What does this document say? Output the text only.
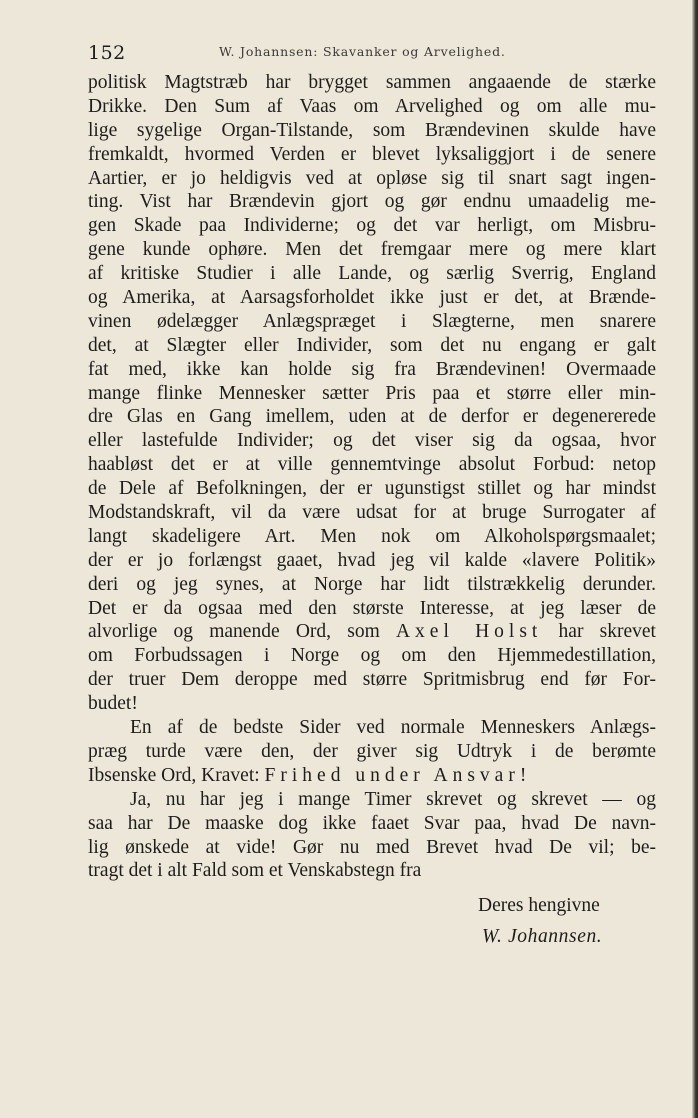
152	W. Johannsen: Skavanker og Arvelighed.
politisk Magtstræb har brygget sammen angaaende de stærke
Drikke. Den Sum af Vaas om Arvelighed og om alle mu-
lige sygelige Organ-Tilstande, som Brændevinen skulde have
fremkaldt, hvormed Verden er blevet lyksaliggjort i de senere
Aartier, er jo heldigvis ved at opløse sig til snart sagt ingen-
ting. Vist har Brændevin gjort og gør endnu umaadelig me-
gen Skade paa Individerne; og det var herligt, om Misbru-
gene kunde ophøre. Men det fremgaar mere og mere klart
af kritiske Studier i alle Lande, og særlig Sverrig, England
og Amerika, at Aarsagsforholdet ikke just er det, at Brænde-
vinen ødelægger Anlægspræget i Slægterne, men snarere
det, at Slægter eller Individer, som det nu engang er galt
fat med, ikke kan holde sig fra Brændevinen! Overmaade
mange flinke Mennesker sætter Pris paa et større eller min-
dre Glas en Gang imellem, uden at de derfor er degenererede
eller lastefulde Individer; og det viser sig da ogsaa, hvor
haabløst det er at ville gennemtvinge absolut Forbud: netop
de Dele af Befolkningen, der er ugunstigst stillet og har mindst
Modstandskraft, vil da være udsat for at bruge Surrogater af
langt skadeligere Art. Men nok om Alkoholspørgsmaalet;
der er jo forlængst gaaet, hvad jeg vil kalde «lavere Politik»
deri og jeg synes, at Norge har lidt tilstrækkelig derunder.
Det er da ogsaa med den største Interesse, at jeg læser de
alvorlige og manende Ord, som Axel Holst har skrevet
om Forbudssagen i Norge og om den Hjemmedestillation,
der truer Dem deroppe med større Spritmisbrug end før For-
budet!
En af de bedste Sider ved normale Menneskers Anlægs-
præg turde være den, der giver sig Udtryk i de berømte
Ibsenske Ord, Kravet: Frihed under Ansvar!
Ja, nu har jeg i mange Timer skrevet og skrevet — og
saa har De maaske dog ikke faaet Svar paa, hvad De navn-
lig ønskede at vide! Gør nu med Brevet hvad De vil; be-
tragt det i alt Fald som et Venskabstegn fra
Deres hengivne
W. Johannsen.
